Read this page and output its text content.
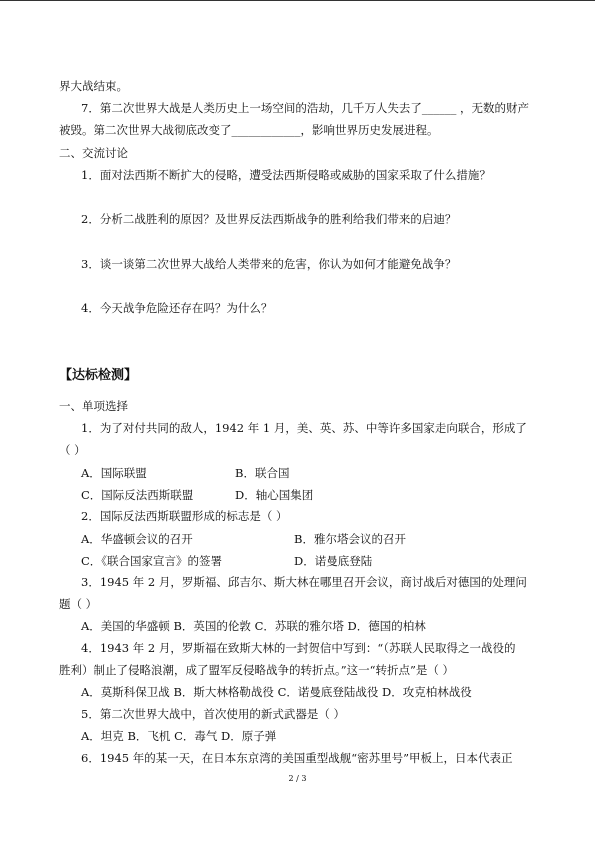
界大战结束。
7．第二次世界大战是人类历史上一场空间的浩劫，几千万人失去了______ ，无数的财产
被毁。第二次世界大战彻底改变了____________，影响世界历史发展进程。
二、交流讨论
1．面对法西斯不断扩大的侵略，遭受法西斯侵略或威胁的国家采取了什么措施？
2．分析二战胜利的原因？及世界反法西斯战争的胜利给我们带来的启迪？
3．谈一谈第二次世界大战给人类带来的危害，你认为如何才能避免战争？
4．今天战争危险还存在吗？为什么？
【达标检测】
一、单项选择
1．为了对付共同的敌人，1942 年 1 月，美、英、苏、中等许多国家走向联合，形成了
（ ）
A．国际联盟	B．联合国
C．国际反法西斯联盟	D．轴心国集团
2．国际反法西斯联盟形成的标志是（ ）
A．华盛顿会议的召开	B．雅尔塔会议的召开
C．《联合国家宣言》的签署	D．诺曼底登陆
3．1945 年 2 月，罗斯福、邱吉尔、斯大林在哪里召开会议，商讨战后对德国的处理问
题（ ）
A．美国的华盛顿 B．英国的伦敦 C．苏联的雅尔塔 D．德国的柏林
4．1943 年 2 月，罗斯福在致斯大林的一封贺信中写到：“（苏联人民取得之一战役的
胜利）制止了侵略浪潮，成了盟军反侵略战争的转折点。”这一“转折点”是（ ）
A．莫斯科保卫战 B．斯大林格勒战役 C．诺曼底登陆战役 D．攻克柏林战役
5．第二次世界大战中，首次使用的新式武器是（ ）
A．坦克 B．飞机 C．毒气 D．原子弹
6．1945 年的某一天，在日本东京湾的美国重型战舰“密苏里号”甲板上，日本代表正
2 / 3
